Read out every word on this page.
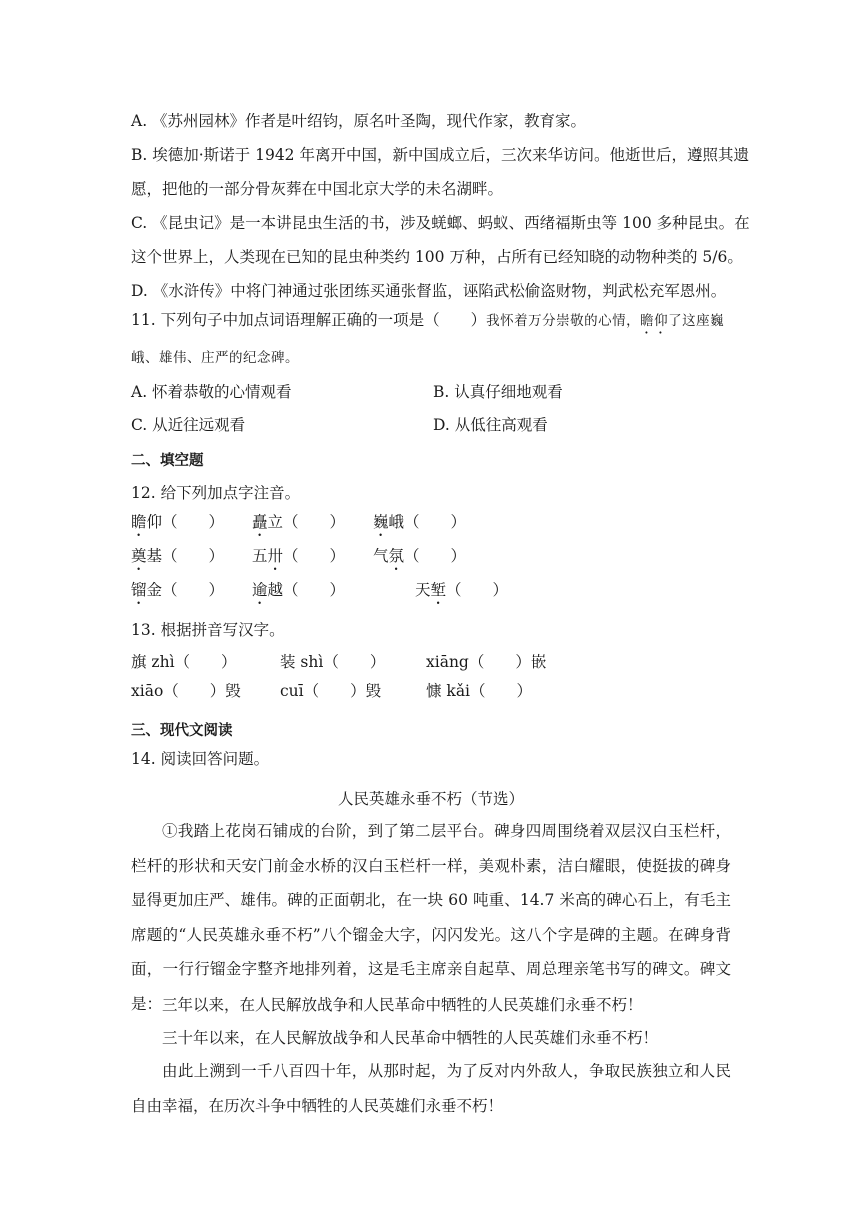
A. 《苏州园林》作者是叶绍钧，原名叶圣陶，现代作家，教育家。
B. 埃德加·斯诺于 1942 年离开中国，新中国成立后，三次来华访问。他逝世后，遵照其遗
愿，把他的一部分骨灰葬在中国北京大学的未名湖畔。
C. 《昆虫记》是一本讲昆虫生活的书，涉及蜣螂、蚂蚁、西绪福斯虫等 100 多种昆虫。在
这个世界上，人类现在已知的昆虫种类约 100 万种，占所有已经知晓的动物种类的 5/6。
D. 《水浒传》中将门神通过张团练买通张督监，诬陷武松偷盗财物，判武松充军恩州。
11. 下列句子中加点词语理解正确的一项是（　　）我怀着万分崇敬的心情，瞻仰了这座巍
峨、雄伟、庄严的纪念碑。
A. 怀着恭敬的心情观看	B. 认真仔细地观看
C. 从近往远观看	D. 从低往高观看
二、填空题
12. 给下列加点字注音。
瞻仰（　　） 矗立（　　） 巍峨（　　）
奠基（　　） 五卅（　　） 气氛（　　）
镏金（　　） 逾越（　　）	天堑（　　）
13. 根据拼音写汉字。
旗 zhì（　　）	装 shì（　　）	xiāng（　　）嵌
xiāo（　　）毁	cuī（　　）毁	慷 kǎi（　　）
三、现代文阅读
14. 阅读回答问题。
人民英雄永垂不朽（节选）
①我踏上花岗石铺成的台阶，到了第二层平台。碑身四周围绕着双层汉白玉栏杆，栏杆的形状和天安门前金水桥的汉白玉栏杆一样，美观朴素，洁白耀眼，使挺拔的碑身显得更加庄严、雄伟。碑的正面朝北，在一块 60 吨重、14.7 米高的碑心石上，有毛主席题的“人民英雄永垂不朽”八个镏金大字，闪闪发光。这八个字是碑的主题。在碑身背面，一行行镏金字整齐地排列着，这是毛主席亲自起草、周总理亲笔书写的碑文。碑文是： 三年以来，在人民解放战争和人民革命中牺牲的人民英雄们永垂不朽！
三十年以来，在人民解放战争和人民革命中牺牲的人民英雄们永垂不朽！
由此上溯到一千八百四十年，从那时起，为了反对内外敌人，争取民族独立和人民自由幸福，在历次斗争中牺牲的人民英雄们永垂不朽！
